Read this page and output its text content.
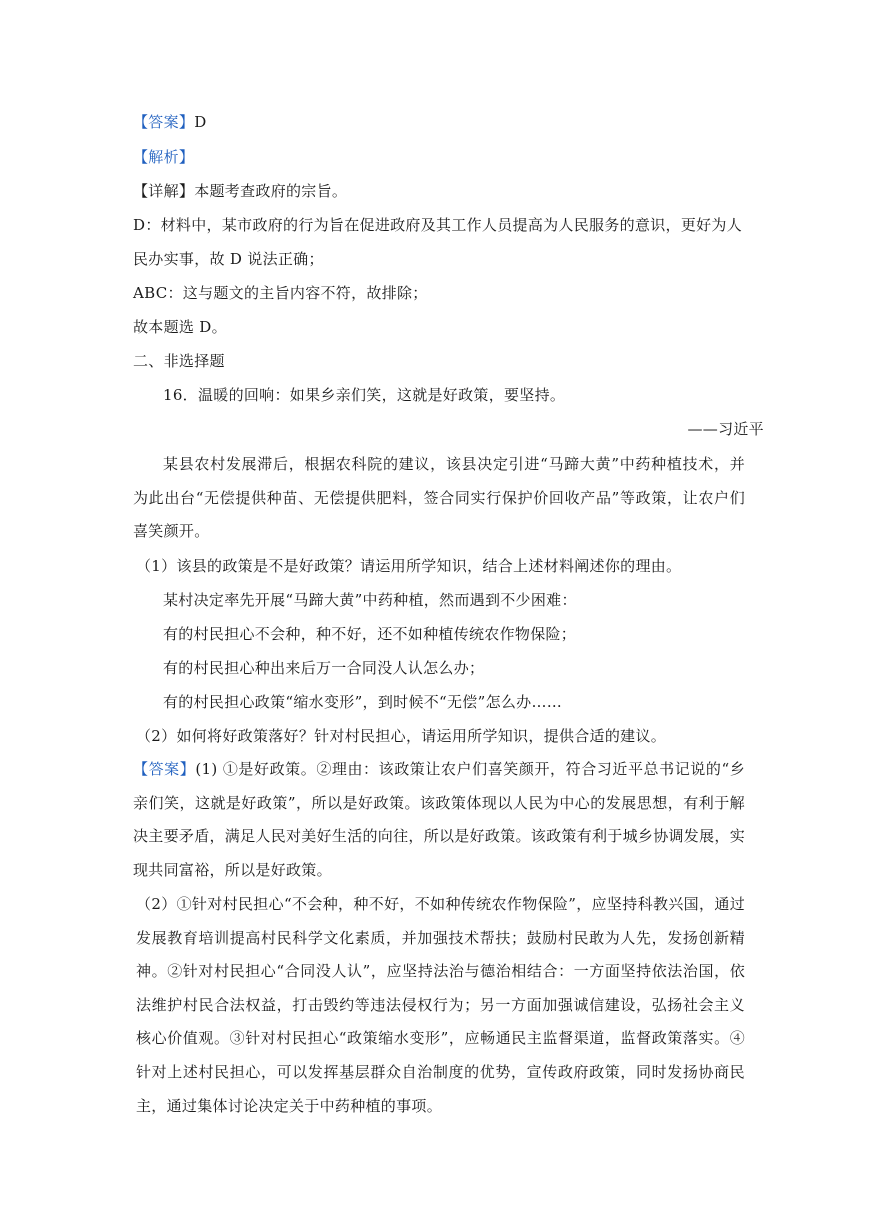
【答案】D
【解析】
【详解】本题考查政府的宗旨。
D：材料中，某市政府的行为旨在促进政府及其工作人员提高为人民服务的意识，更好为人
民办实事，故 D 说法正确；
ABC：这与题文的主旨内容不符，故排除；
故本题选 D。
二、非选择题
16．温暖的回响：如果乡亲们笑，这就是好政策，要坚持。
——习近平
某县农村发展滞后，根据农科院的建议，该县决定引进“马蹄大黄”中药种植技术，并为此出台“无偿提供种苗、无偿提供肥料，签合同实行保护价回收产品”等政策，让农户们喜笑颜开。
（1）该县的政策是不是好政策？请运用所学知识，结合上述材料阐述你的理由。
某村决定率先开展“马蹄大黄”中药种植，然而遇到不少困难：
有的村民担心不会种，种不好，还不如种植传统农作物保险；
有的村民担心种出来后万一合同没人认怎么办；
有的村民担心政策“缩水变形”，到时候不“无偿”怎么办……
（2）如何将好政策落好？针对村民担心，请运用所学知识，提供合适的建议。
【答案】(1) ①是好政策。②理由：该政策让农户们喜笑颜开，符合习近平总书记说的“乡亲们笑，这就是好政策”，所以是好政策。该政策体现以人民为中心的发展思想，有利于解决主要矛盾，满足人民对美好生活的向往，所以是好政策。该政策有利于城乡协调发展，实现共同富裕，所以是好政策。
（2）①针对村民担心“不会种，种不好，不如种传统农作物保险”，应坚持科教兴国，通过发展教育培训提高村民科学文化素质，并加强技术帮扶；鼓励村民敢为人先，发扬创新精神。②针对村民担心“合同没人认”，应坚持法治与德治相结合：一方面坚持依法治国，依法维护村民合法权益，打击毁约等违法侵权行为；另一方面加强诚信建设，弘扬社会主义核心价值观。③针对村民担心“政策缩水变形”，应畅通民主监督渠道，监督政策落实。④针对上述村民担心，可以发挥基层群众自治制度的优势，宣传政府政策，同时发扬协商民主，通过集体讨论决定关于中药种植的事项。
